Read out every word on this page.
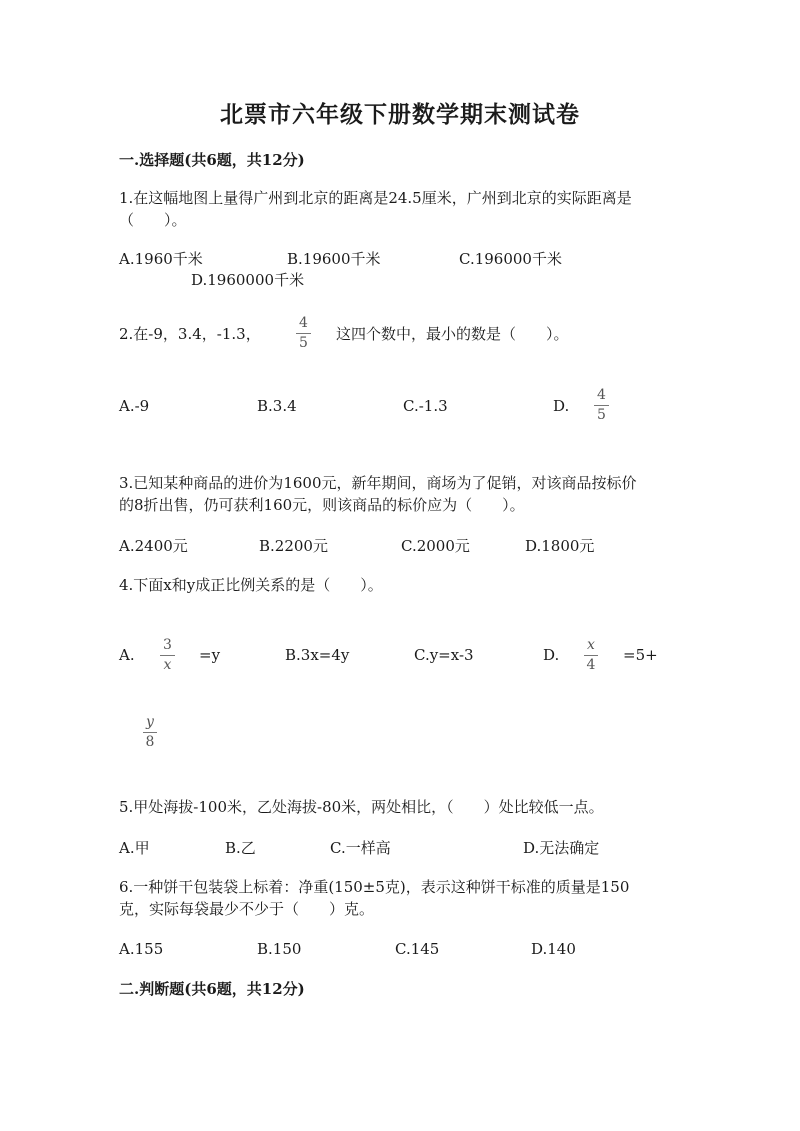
北票市六年级下册数学期末测试卷
一.选择题(共6题，共12分)
1.在这幅地图上量得广州到北京的距离是24.5厘米，广州到北京的实际距离是
（　　）。
A.1960千米	B.19600千米	C.196000千米
D.1960000千米
2.在-9，3.4，-1.3，	$\frac{4}{5}$ 这四个数中，最小的数是（　　）。
A.-9	B.3.4	C.-1.3	D. $\frac{4}{5}$
3.已知某种商品的进价为1600元，新年期间，商场为了促销，对该商品按标价
的8折出售，仍可获利160元，则该商品的标价应为（　　）。
A.2400元	B.2200元	C.2000元	D.1800元
4.下面x和y成正比例关系的是（　　）。
A. $\frac{3}{x} =y$	B.3x=4y	C.y=x-3	D. $\frac{x}{4} =5+$
$\frac{y}{8}$
5.甲处海拔-100米，乙处海拔-80米，两处相比，（　　）处比较低一点。
A.甲	B.乙	C.一样高	D.无法确定
6.一种饼干包装袋上标着：净重(150±5克)，表示这种饼干标准的质量是150
克，实际每袋最少不少于（　　）克。
A.155	B.150	C.145	D.140
二.判断题(共6题，共12分)
